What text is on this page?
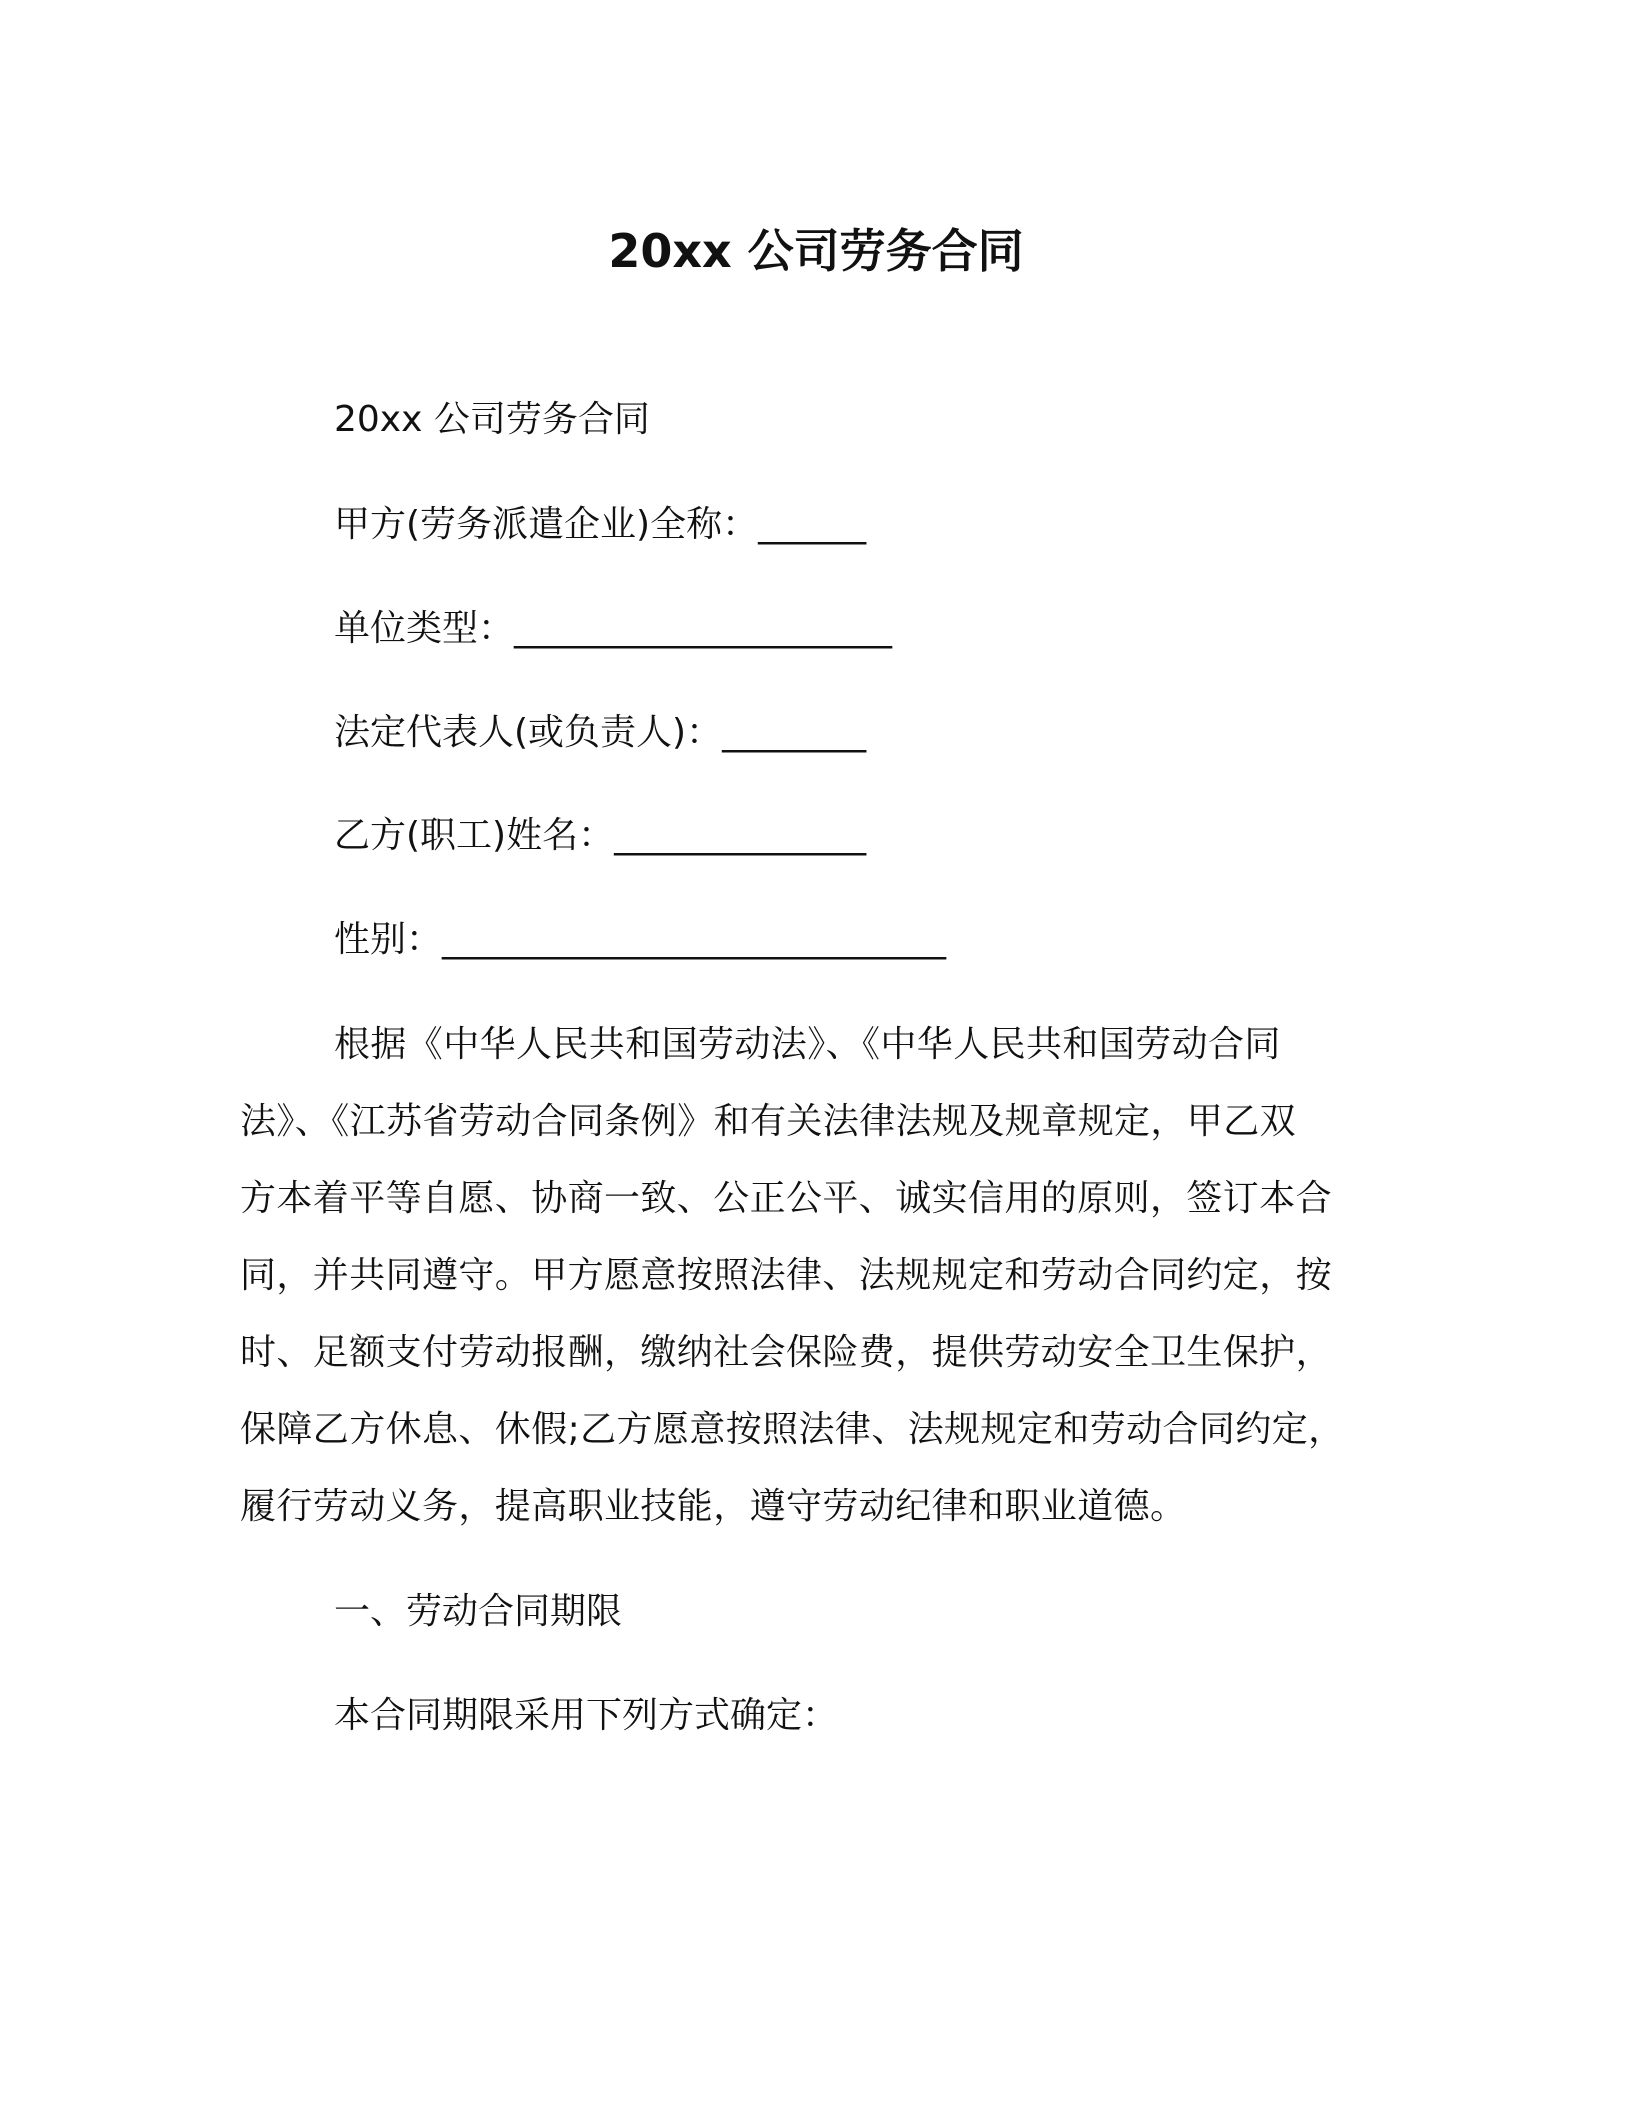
20xx 公司劳务合同
20xx 公司劳务合同
甲方(劳务派遣企业)全称：______
单位类型：_____________________
法定代表人(或负责人)：________
乙方(职工)姓名：______________
性别：____________________________
根据《中华人民共和国劳动法》、《中华人民共和国劳动合同
法》、《江苏省劳动合同条例》和有关法律法规及规章规定，甲乙双
方本着平等自愿、协商一致、公正公平、诚实信用的原则，签订本合
同，并共同遵守。甲方愿意按照法律、法规规定和劳动合同约定，按
时、足额支付劳动报酬，缴纳社会保险费，提供劳动安全卫生保护，
保障乙方休息、休假;乙方愿意按照法律、法规规定和劳动合同约定，
履行劳动义务，提高职业技能，遵守劳动纪律和职业道德。
一、劳动合同期限
本合同期限采用下列方式确定：
